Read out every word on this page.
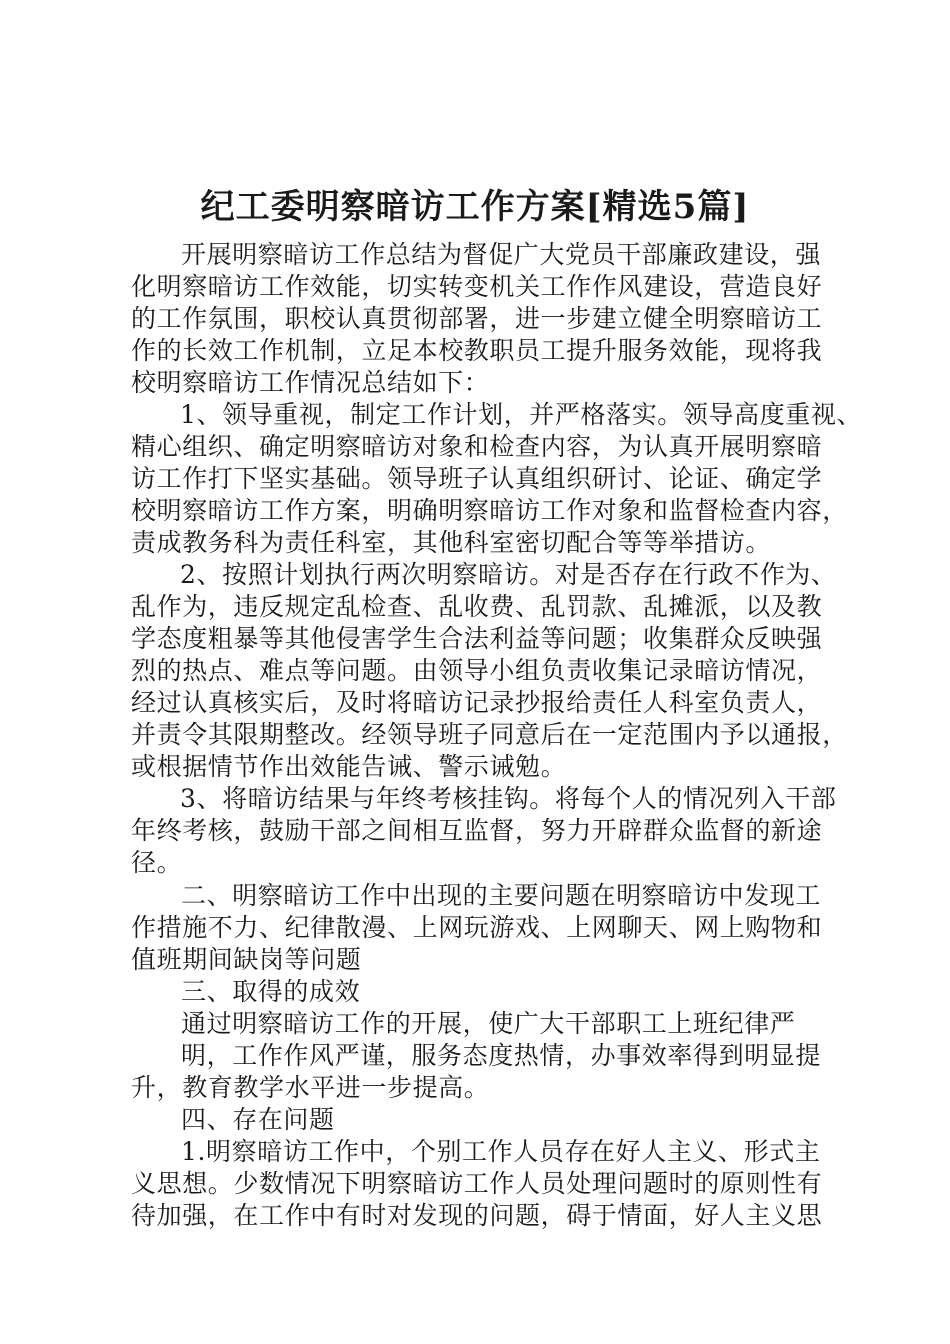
纪工委明察暗访工作方案[精选5篇]
开展明察暗访工作总结为督促广大党员干部廉政建设，强
化明察暗访工作效能，切实转变机关工作作风建设，营造良好
的工作氛围，职校认真贯彻部署，进一步建立健全明察暗访工
作的长效工作机制，立足本校教职员工提升服务效能，现将我
校明察暗访工作情况总结如下：
1、领导重视，制定工作计划，并严格落实。领导高度重视、
精心组织、确定明察暗访对象和检查内容，为认真开展明察暗
访工作打下坚实基础。领导班子认真组织研讨、论证、确定学
校明察暗访工作方案，明确明察暗访工作对象和监督检查内容，
责成教务科为责任科室，其他科室密切配合等等举措访。
2、按照计划执行两次明察暗访。对是否存在行政不作为、
乱作为，违反规定乱检查、乱收费、乱罚款、乱摊派，以及教
学态度粗暴等其他侵害学生合法利益等问题；收集群众反映强
烈的热点、难点等问题。由领导小组负责收集记录暗访情况，
经过认真核实后，及时将暗访记录抄报给责任人科室负责人，
并责令其限期整改。经领导班子同意后在一定范围内予以通报，
或根据情节作出效能告诫、警示诫勉。
3、将暗访结果与年终考核挂钩。将每个人的情况列入干部
年终考核，鼓励干部之间相互监督，努力开辟群众监督的新途
径。
二、明察暗访工作中出现的主要问题在明察暗访中发现工
作措施不力、纪律散漫、上网玩游戏、上网聊天、网上购物和
值班期间缺岗等问题
三、取得的成效
通过明察暗访工作的开展，使广大干部职工上班纪律严
明，工作作风严谨，服务态度热情，办事效率得到明显提
升，教育教学水平进一步提高。
四、存在问题
1.明察暗访工作中，个别工作人员存在好人主义、形式主
义思想。少数情况下明察暗访工作人员处理问题时的原则性有
待加强，在工作中有时对发现的问题，碍于情面，好人主义思
